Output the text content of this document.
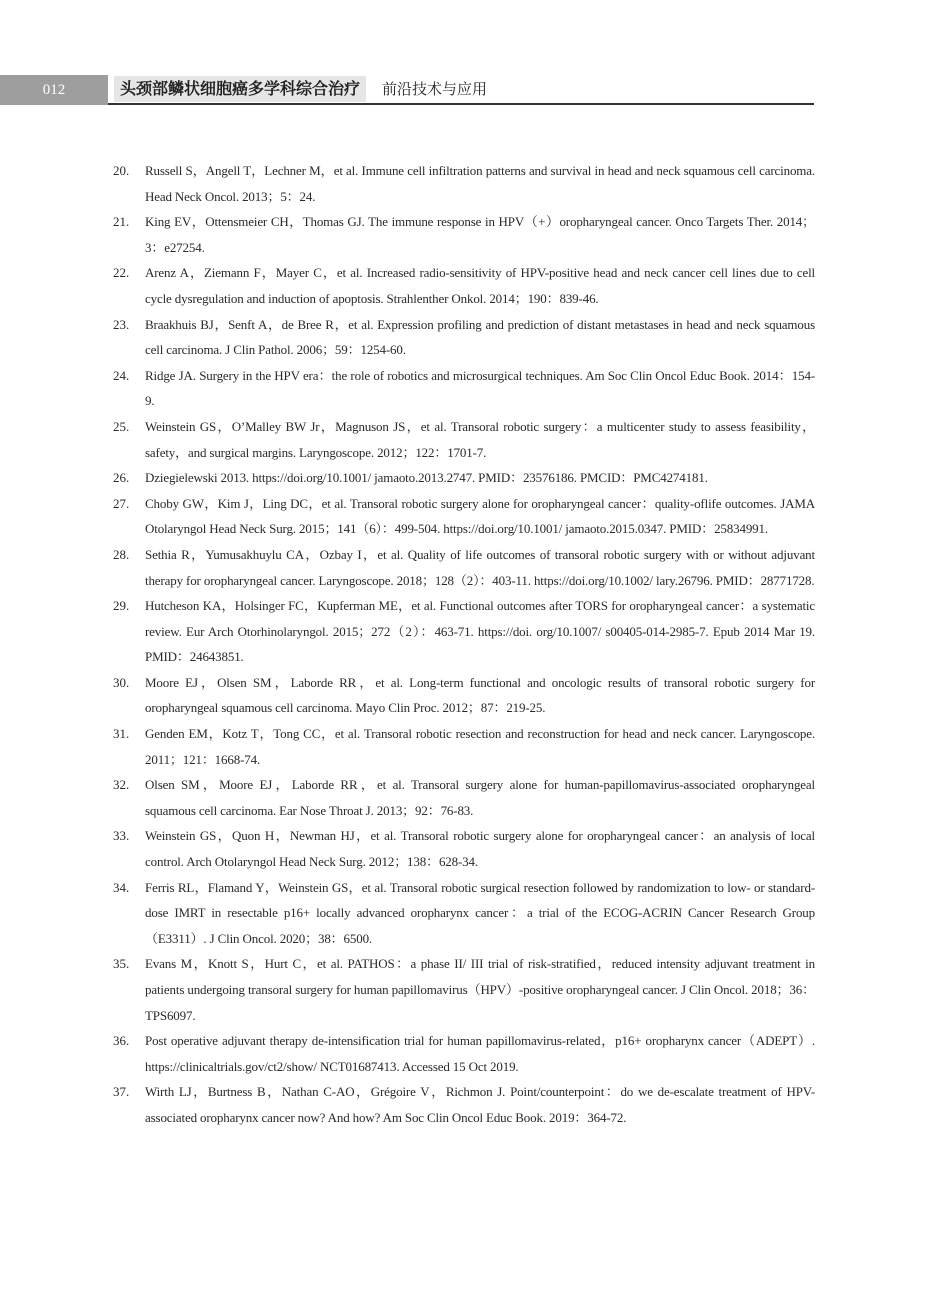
012	头颈部鳞状细胞癌多学科综合治疗	前沿技术与应用
20.	Russell S，Angell T，Lechner M，et al. Immune cell infiltration patterns and survival in head and neck squamous cell carcinoma. Head Neck Oncol. 2013；5：24.
21.	King EV，Ottensmeier CH，Thomas GJ. The immune response in HPV（+）oropharyngeal cancer. Onco Targets Ther. 2014；3：e27254.
22.	Arenz A，Ziemann F，Mayer C，et al. Increased radio-sensitivity of HPV-positive head and neck cancer cell lines due to cell cycle dysregulation and induction of apoptosis. Strahlenther Onkol. 2014；190：839-46.
23.	Braakhuis BJ，Senft A，de Bree R，et al. Expression profiling and prediction of distant metastases in head and neck squamous cell carcinoma. J Clin Pathol. 2006；59：1254-60.
24.	Ridge JA. Surgery in the HPV era：the role of robotics and microsurgical techniques. Am Soc Clin Oncol Educ Book. 2014：154-9.
25.	Weinstein GS，O’Malley BW Jr，Magnuson JS，et al. Transoral robotic surgery：a multicenter study to assess feasibility，safety，and surgical margins. Laryngoscope. 2012；122：1701-7.
26.	Dziegielewski 2013. https://doi.org/10.1001/ jamaoto.2013.2747. PMID：23576186. PMCID：PMC4274181.
27.	Choby GW，Kim J，Ling DC，et al. Transoral robotic surgery alone for oropharyngeal cancer：quality-oflife outcomes. JAMA Otolaryngol Head Neck Surg. 2015；141（6）：499-504. https://doi.org/10.1001/ jamaoto.2015.0347. PMID：25834991.
28.	Sethia R，Yumusakhuylu CA，Ozbay I，et al. Quality of life outcomes of transoral robotic surgery with or without adjuvant therapy for oropharyngeal cancer. Laryngoscope. 2018；128（2）：403-11. https://doi.org/10.1002/ lary.26796. PMID：28771728.
29.	Hutcheson KA，Holsinger FC，Kupferman ME，et al. Functional outcomes after TORS for oropharyngeal cancer：a systematic review. Eur Arch Otorhinolaryngol. 2015；272（2）：463-71. https://doi. org/10.1007/ s00405-014-2985-7. Epub 2014 Mar 19. PMID：24643851.
30.	Moore EJ，Olsen SM，Laborde RR，et al. Long-term functional and oncologic results of transoral robotic surgery for oropharyngeal squamous cell carcinoma. Mayo Clin Proc. 2012；87：219-25.
31.	Genden EM，Kotz T，Tong CC，et al. Transoral robotic resection and reconstruction for head and neck cancer. Laryngoscope. 2011；121：1668-74.
32.	Olsen SM，Moore EJ，Laborde RR，et al. Transoral surgery alone for human-papillomavirus-associated oropharyngeal squamous cell carcinoma. Ear Nose Throat J. 2013；92：76-83.
33.	Weinstein GS，Quon H，Newman HJ，et al. Transoral robotic surgery alone for oropharyngeal cancer：an analysis of local control. Arch Otolaryngol Head Neck Surg. 2012；138：628-34.
34.	Ferris RL，Flamand Y，Weinstein GS，et al. Transoral robotic surgical resection followed by randomization to low- or standard-dose IMRT in resectable p16+ locally advanced oropharynx cancer：a trial of the ECOG-ACRIN Cancer Research Group（E3311）. J Clin Oncol. 2020；38：6500.
35.	Evans M，Knott S，Hurt C，et al. PATHOS：a phase II/ III trial of risk-stratified，reduced intensity adjuvant treatment in patients undergoing transoral surgery for human papillomavirus（HPV）-positive oropharyngeal cancer. J Clin Oncol. 2018；36：TPS6097.
36.	Post operative adjuvant therapy de-intensification trial for human papillomavirus-related，p16+ oropharynx cancer（ADEPT）. https://clinicaltrials.gov/ct2/show/ NCT01687413. Accessed 15 Oct 2019.
37.	Wirth LJ，Burtness B，Nathan C-AO，Grégoire V，Richmon J. Point/counterpoint：do we de-escalate treatment of HPV-associated oropharynx cancer now? And how? Am Soc Clin Oncol Educ Book. 2019：364-72.
